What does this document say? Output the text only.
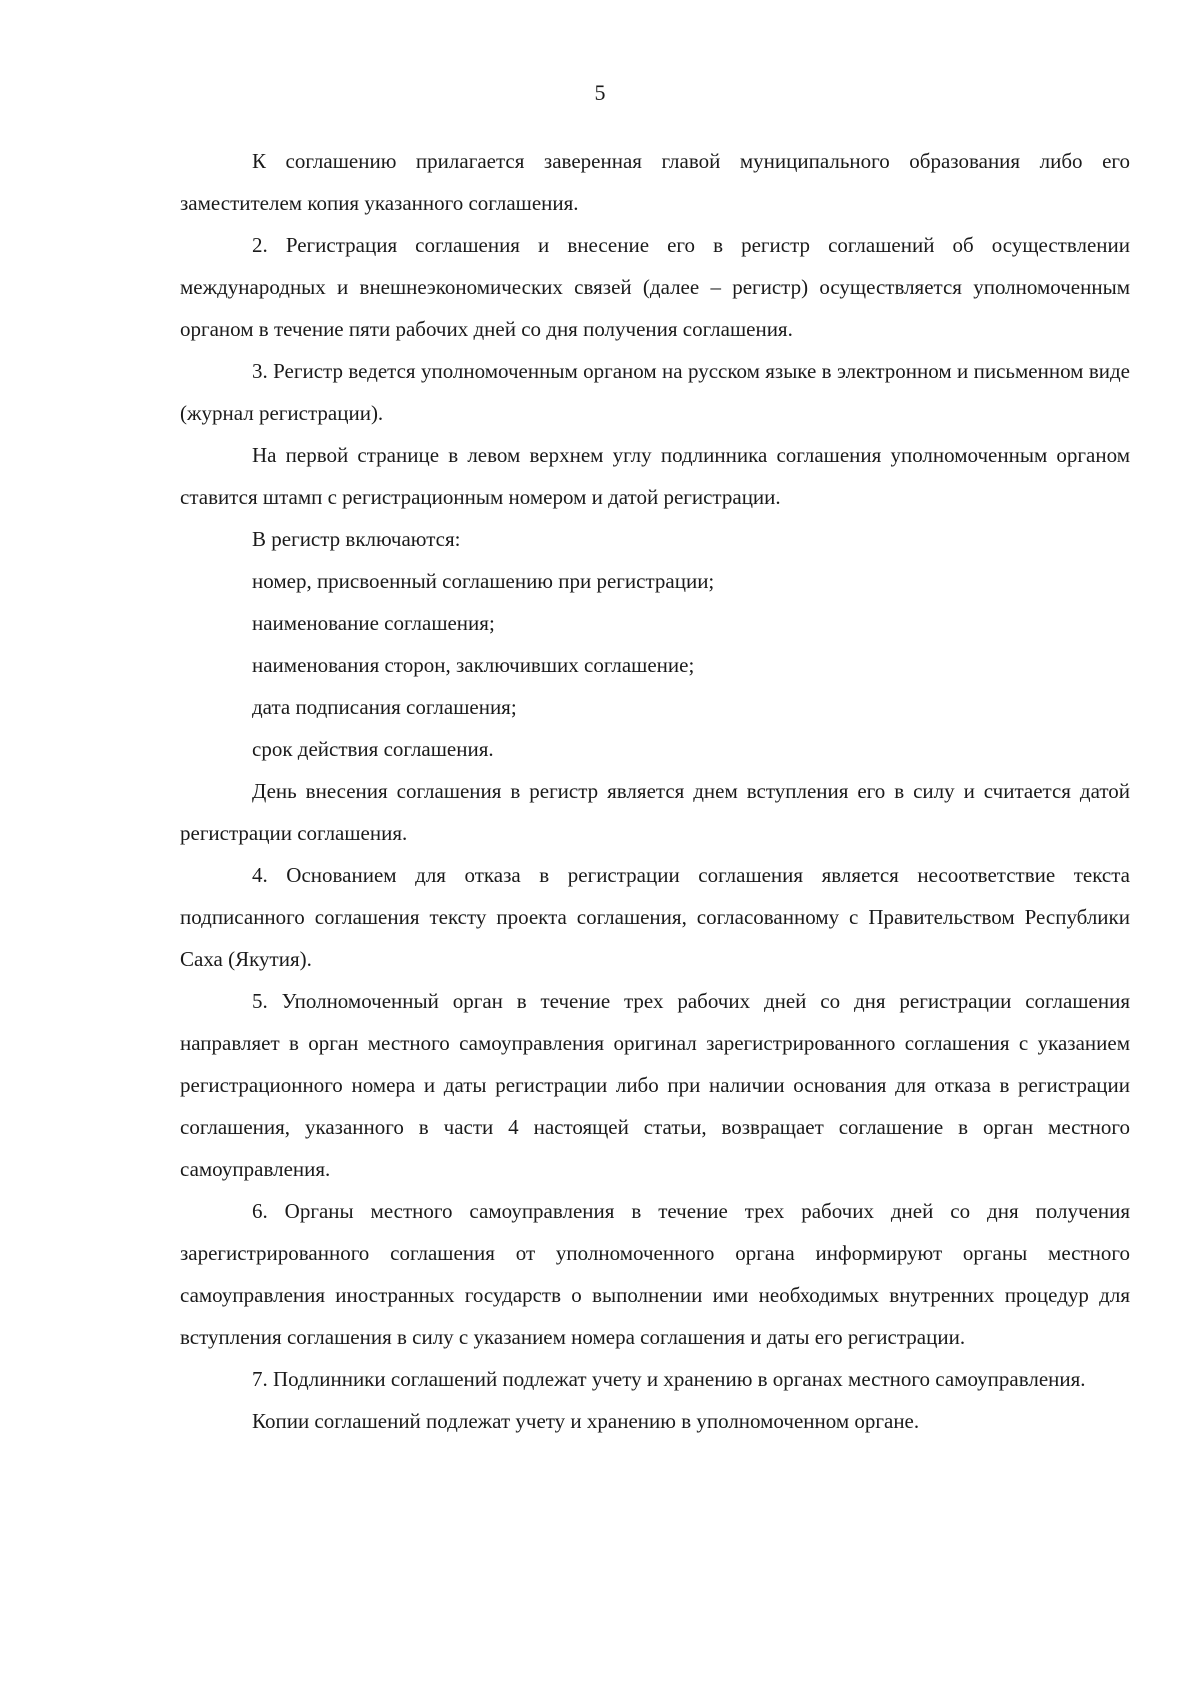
5

К соглашению прилагается заверенная главой муниципального образования либо его заместителем копия указанного соглашения.

2. Регистрация соглашения и внесение его в регистр соглашений об осуществлении международных и внешнеэкономических связей (далее – регистр) осуществляется уполномоченным органом в течение пяти рабочих дней со дня получения соглашения.

3. Регистр ведется уполномоченным органом на русском языке в электронном и письменном виде (журнал регистрации).

На первой странице в левом верхнем углу подлинника соглашения уполномоченным органом ставится штамп с регистрационным номером и датой регистрации.

В регистр включаются:

номер, присвоенный соглашению при регистрации;

наименование соглашения;

наименования сторон, заключивших соглашение;

дата подписания соглашения;

срок действия соглашения.

День внесения соглашения в регистр является днем вступления его в силу и считается датой регистрации соглашения.

4. Основанием для отказа в регистрации соглашения является несоответствие текста подписанного соглашения тексту проекта соглашения, согласованному с Правительством Республики Саха (Якутия).

5. Уполномоченный орган в течение трех рабочих дней со дня регистрации соглашения направляет в орган местного самоуправления оригинал зарегистрированного соглашения с указанием регистрационного номера и даты регистрации либо при наличии основания для отказа в регистрации соглашения, указанного в части 4 настоящей статьи, возвращает соглашение в орган местного самоуправления.

6. Органы местного самоуправления в течение трех рабочих дней со дня получения зарегистрированного соглашения от уполномоченного органа информируют органы местного самоуправления иностранных государств о выполнении ими необходимых внутренних процедур для вступления соглашения в силу с указанием номера соглашения и даты его регистрации.

7. Подлинники соглашений подлежат учету и хранению в органах местного самоуправления.

Копии соглашений подлежат учету и хранению в уполномоченном органе.
